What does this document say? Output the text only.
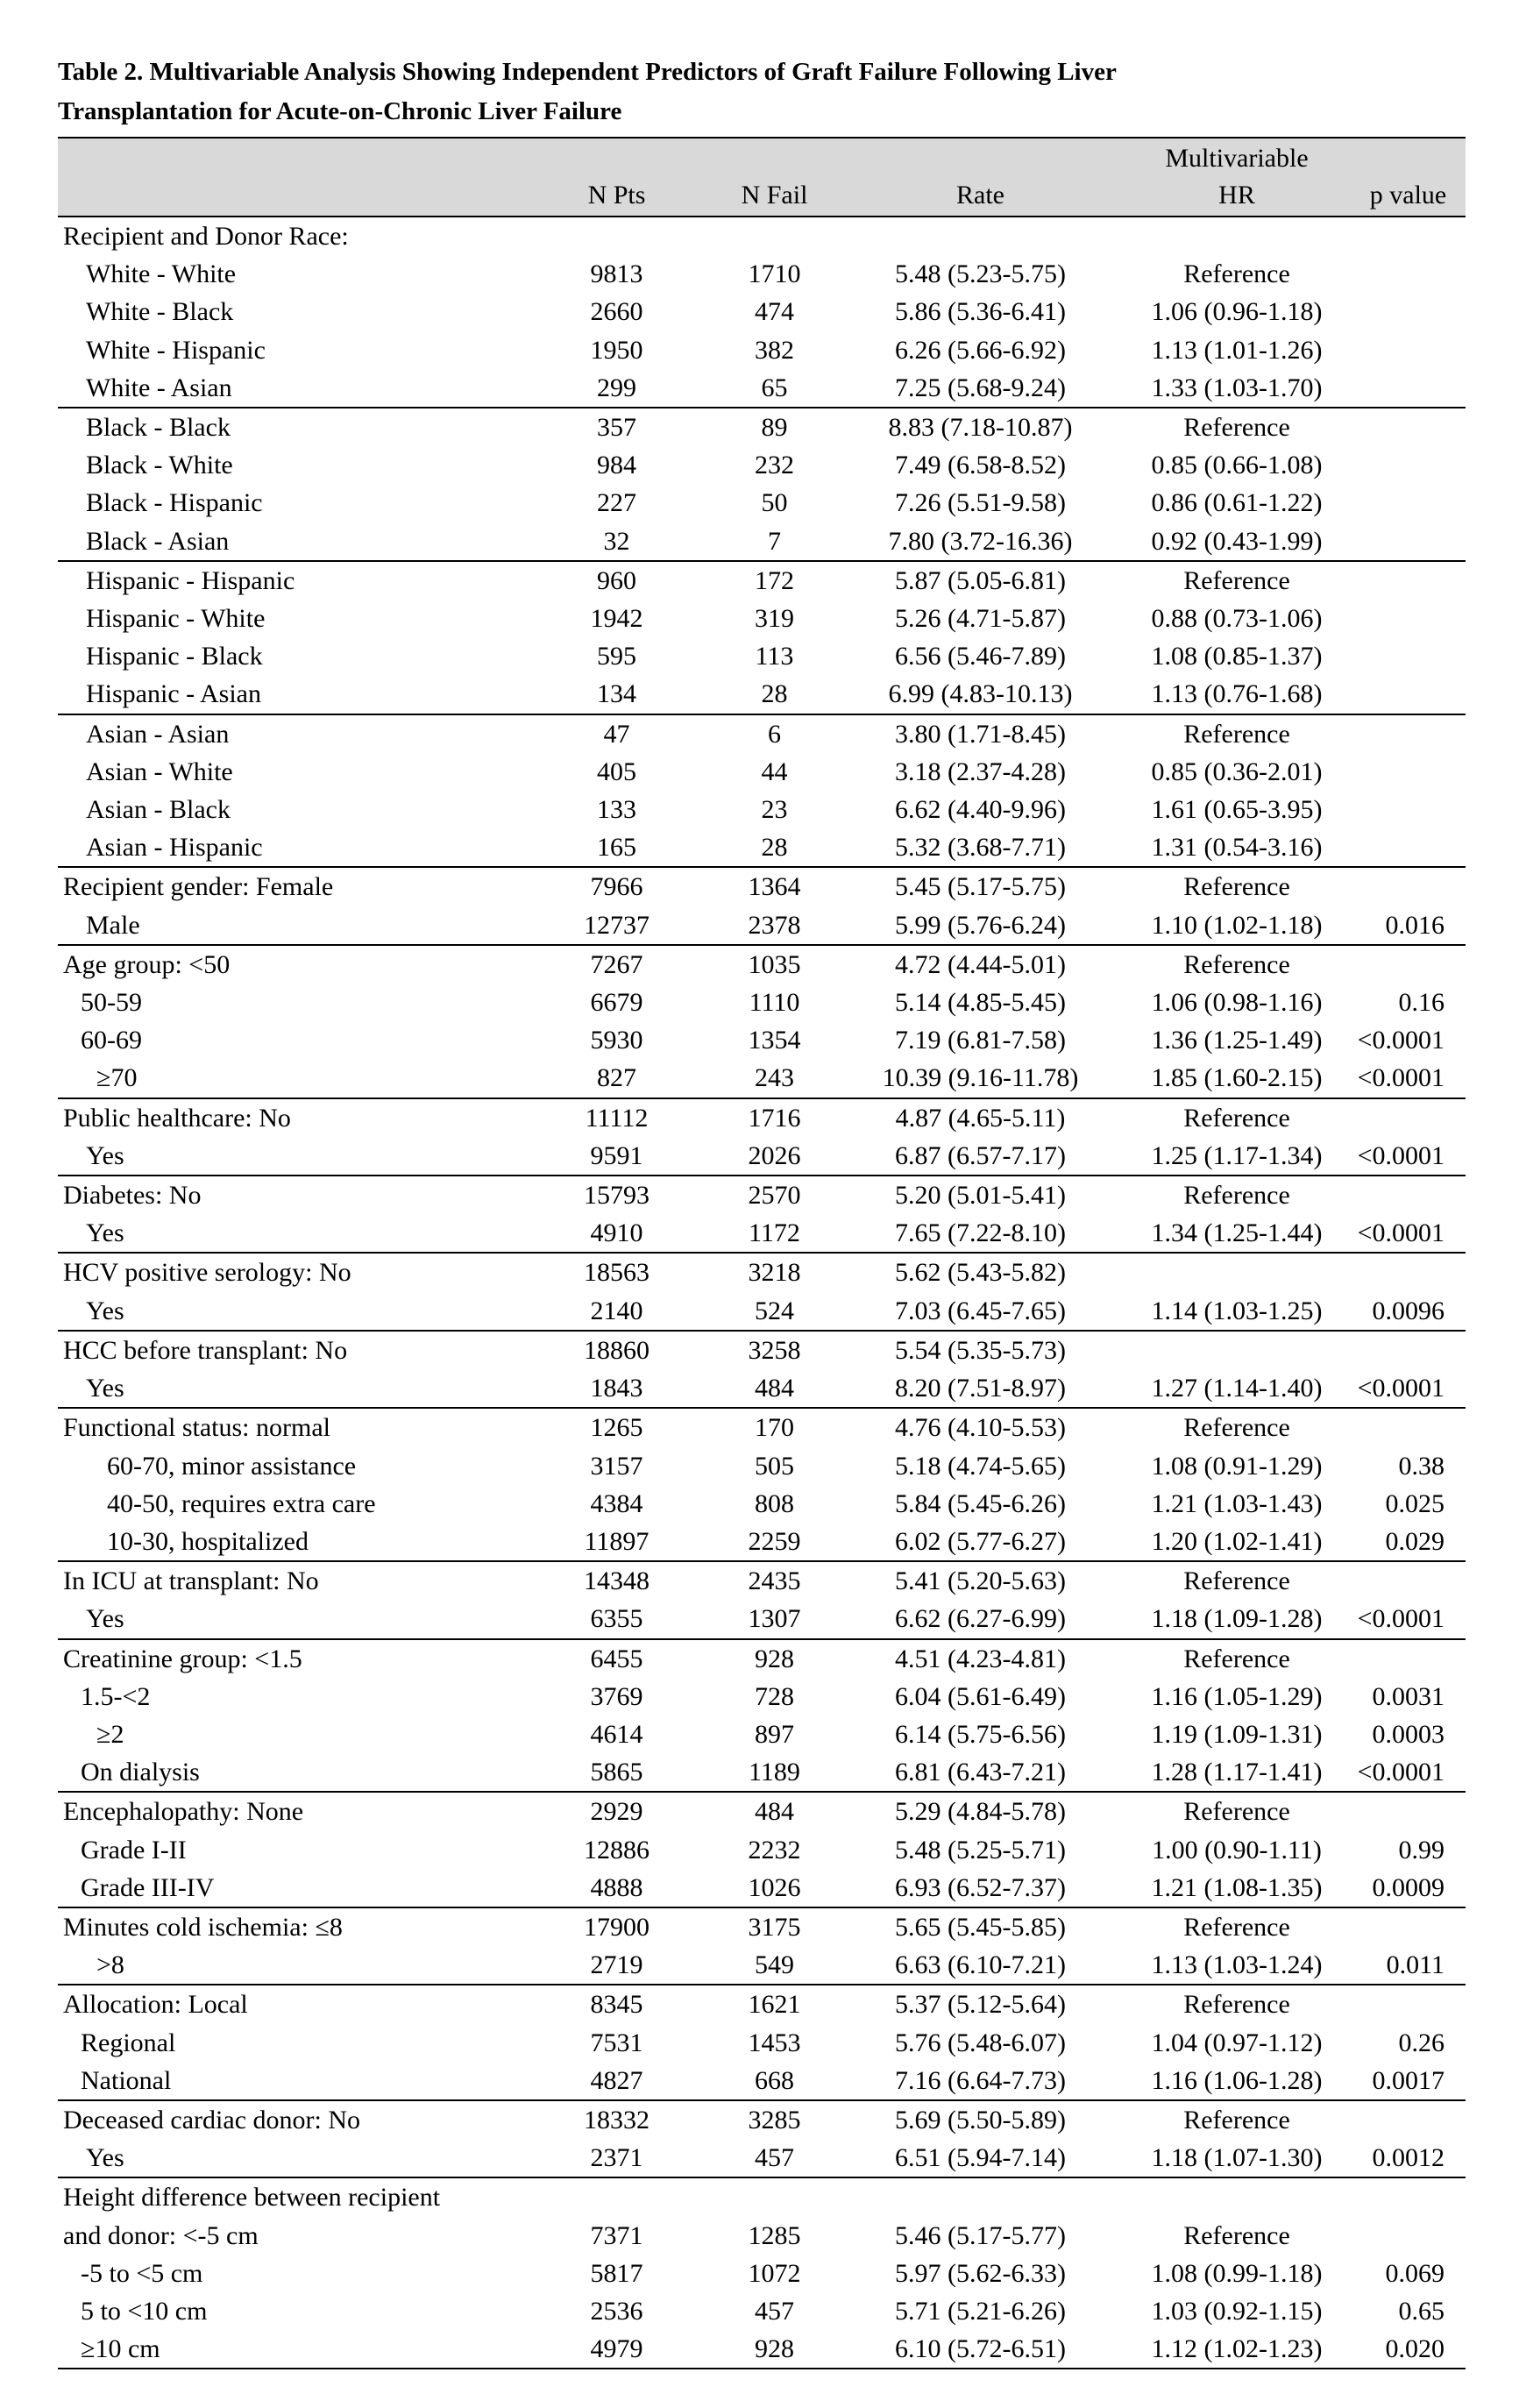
Table 2. Multivariable Analysis Showing Independent Predictors of Graft Failure Following Liver
Transplantation for Acute-on-Chronic Liver Failure
				Multivariable	
	N Pts	N Fail	Rate	HR	p value
Recipient and Donor Race:					
White - White	9813	1710	5.48 (5.23-5.75)	Reference	
White - Black	2660	474	5.86 (5.36-6.41)	1.06 (0.96-1.18)	
White - Hispanic	1950	382	6.26 (5.66-6.92)	1.13 (1.01-1.26)	
White - Asian	299	65	7.25 (5.68-9.24)	1.33 (1.03-1.70)	
Black - Black	357	89	8.83 (7.18-10.87)	Reference	
Black - White	984	232	7.49 (6.58-8.52)	0.85 (0.66-1.08)	
Black - Hispanic	227	50	7.26 (5.51-9.58)	0.86 (0.61-1.22)	
Black - Asian	32	7	7.80 (3.72-16.36)	0.92 (0.43-1.99)	
Hispanic - Hispanic	960	172	5.87 (5.05-6.81)	Reference	
Hispanic - White	1942	319	5.26 (4.71-5.87)	0.88 (0.73-1.06)	
Hispanic - Black	595	113	6.56 (5.46-7.89)	1.08 (0.85-1.37)	
Hispanic - Asian	134	28	6.99 (4.83-10.13)	1.13 (0.76-1.68)	
Asian - Asian	47	6	3.80 (1.71-8.45)	Reference	
Asian - White	405	44	3.18 (2.37-4.28)	0.85 (0.36-2.01)	
Asian - Black	133	23	6.62 (4.40-9.96)	1.61 (0.65-3.95)	
Asian - Hispanic	165	28	5.32 (3.68-7.71)	1.31 (0.54-3.16)	
Recipient gender: Female	7966	1364	5.45 (5.17-5.75)	Reference	
Male	12737	2378	5.99 (5.76-6.24)	1.10 (1.02-1.18)	0.016
Age group: <50	7267	1035	4.72 (4.44-5.01)	Reference	
50-59	6679	1110	5.14 (4.85-5.45)	1.06 (0.98-1.16)	0.16
60-69	5930	1354	7.19 (6.81-7.58)	1.36 (1.25-1.49)	<0.0001
≥70	827	243	10.39 (9.16-11.78)	1.85 (1.60-2.15)	<0.0001
Public healthcare: No	11112	1716	4.87 (4.65-5.11)	Reference	
Yes	9591	2026	6.87 (6.57-7.17)	1.25 (1.17-1.34)	<0.0001
Diabetes: No	15793	2570	5.20 (5.01-5.41)	Reference	
Yes	4910	1172	7.65 (7.22-8.10)	1.34 (1.25-1.44)	<0.0001
HCV positive serology: No	18563	3218	5.62 (5.43-5.82)		
Yes	2140	524	7.03 (6.45-7.65)	1.14 (1.03-1.25)	0.0096
HCC before transplant: No	18860	3258	5.54 (5.35-5.73)		
Yes	1843	484	8.20 (7.51-8.97)	1.27 (1.14-1.40)	<0.0001
Functional status: normal	1265	170	4.76 (4.10-5.53)	Reference	
60-70, minor assistance	3157	505	5.18 (4.74-5.65)	1.08 (0.91-1.29)	0.38
40-50, requires extra care	4384	808	5.84 (5.45-6.26)	1.21 (1.03-1.43)	0.025
10-30, hospitalized	11897	2259	6.02 (5.77-6.27)	1.20 (1.02-1.41)	0.029
In ICU at transplant: No	14348	2435	5.41 (5.20-5.63)	Reference	
Yes	6355	1307	6.62 (6.27-6.99)	1.18 (1.09-1.28)	<0.0001
Creatinine group: <1.5	6455	928	4.51 (4.23-4.81)	Reference	
1.5-<2	3769	728	6.04 (5.61-6.49)	1.16 (1.05-1.29)	0.0031
≥2	4614	897	6.14 (5.75-6.56)	1.19 (1.09-1.31)	0.0003
On dialysis	5865	1189	6.81 (6.43-7.21)	1.28 (1.17-1.41)	<0.0001
Encephalopathy: None	2929	484	5.29 (4.84-5.78)	Reference	
Grade I-II	12886	2232	5.48 (5.25-5.71)	1.00 (0.90-1.11)	0.99
Grade III-IV	4888	1026	6.93 (6.52-7.37)	1.21 (1.08-1.35)	0.0009
Minutes cold ischemia: ≤8	17900	3175	5.65 (5.45-5.85)	Reference	
>8	2719	549	6.63 (6.10-7.21)	1.13 (1.03-1.24)	0.011
Allocation: Local	8345	1621	5.37 (5.12-5.64)	Reference	
Regional	7531	1453	5.76 (5.48-6.07)	1.04 (0.97-1.12)	0.26
National	4827	668	7.16 (6.64-7.73)	1.16 (1.06-1.28)	0.0017
Deceased cardiac donor: No	18332	3285	5.69 (5.50-5.89)	Reference	
Yes	2371	457	6.51 (5.94-7.14)	1.18 (1.07-1.30)	0.0012
Height difference between recipient					
and donor: <-5 cm	7371	1285	5.46 (5.17-5.77)	Reference	
-5 to <5 cm	5817	1072	5.97 (5.62-6.33)	1.08 (0.99-1.18)	0.069
5 to <10 cm	2536	457	5.71 (5.21-6.26)	1.03 (0.92-1.15)	0.65
≥10 cm	4979	928	6.10 (5.72-6.51)	1.12 (1.02-1.23)	0.020
